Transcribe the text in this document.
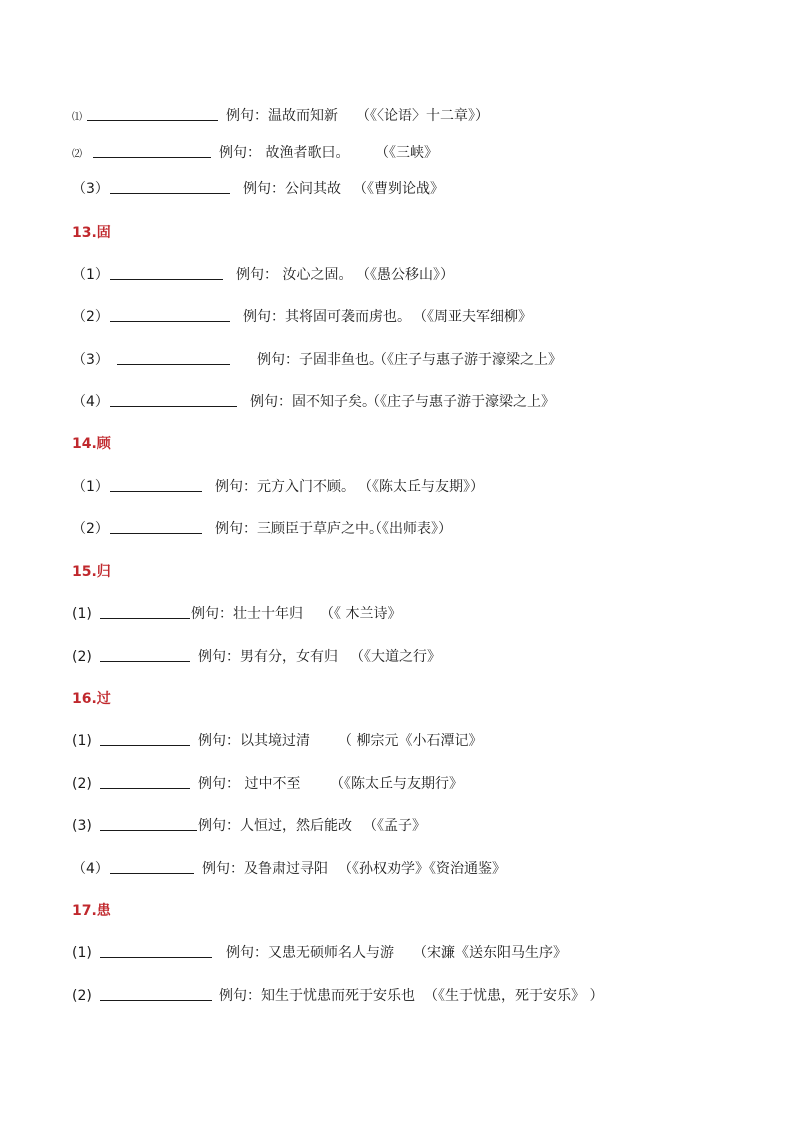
⑴	例句：温故而知新 （《〈论语〉十二章》）
⑵	例句： 故渔者歌曰。 （《三峡》
（3）	例句：公问其故 （《曹刿论战》
13.固
（1）	例句： 汝心之固。 （《愚公移山》）
（2）	例句：其将固可袭而虏也。 （《周亚夫军细柳》
（3）	例句：子固非鱼也。
（《庄子与惠子游于濠梁之上》
（4）	例句：固不知子矣。
（《庄子与惠子游于濠梁之上》
14.顾
（1）	例句：元方入门不顾。 （《陈太丘与友期》）
（2）	例句：三顾臣于草庐之中。
（《出师表》）
15.归
(1)	例句：壮士十年归 （《 木兰诗》
(2)	例句：男有分，女有归 （《大道之行》
16.过
(1)	例句：以其境过清 （ 柳宗元《小石潭记》
(2)	例句： 过中不至 （《陈太丘与友期行》
(3)	例句：人恒过，然后能改 （《孟子》
（4）	例句：及鲁肃过寻阳 （《孙权劝学》《资治通鉴》
17.患
(1)	例句：又患无硕师名人与游 （宋濂《送东阳马生序》
(2)	例句：知生于忧患而死于安乐也 （《生于忧患，死于安乐》 ）
